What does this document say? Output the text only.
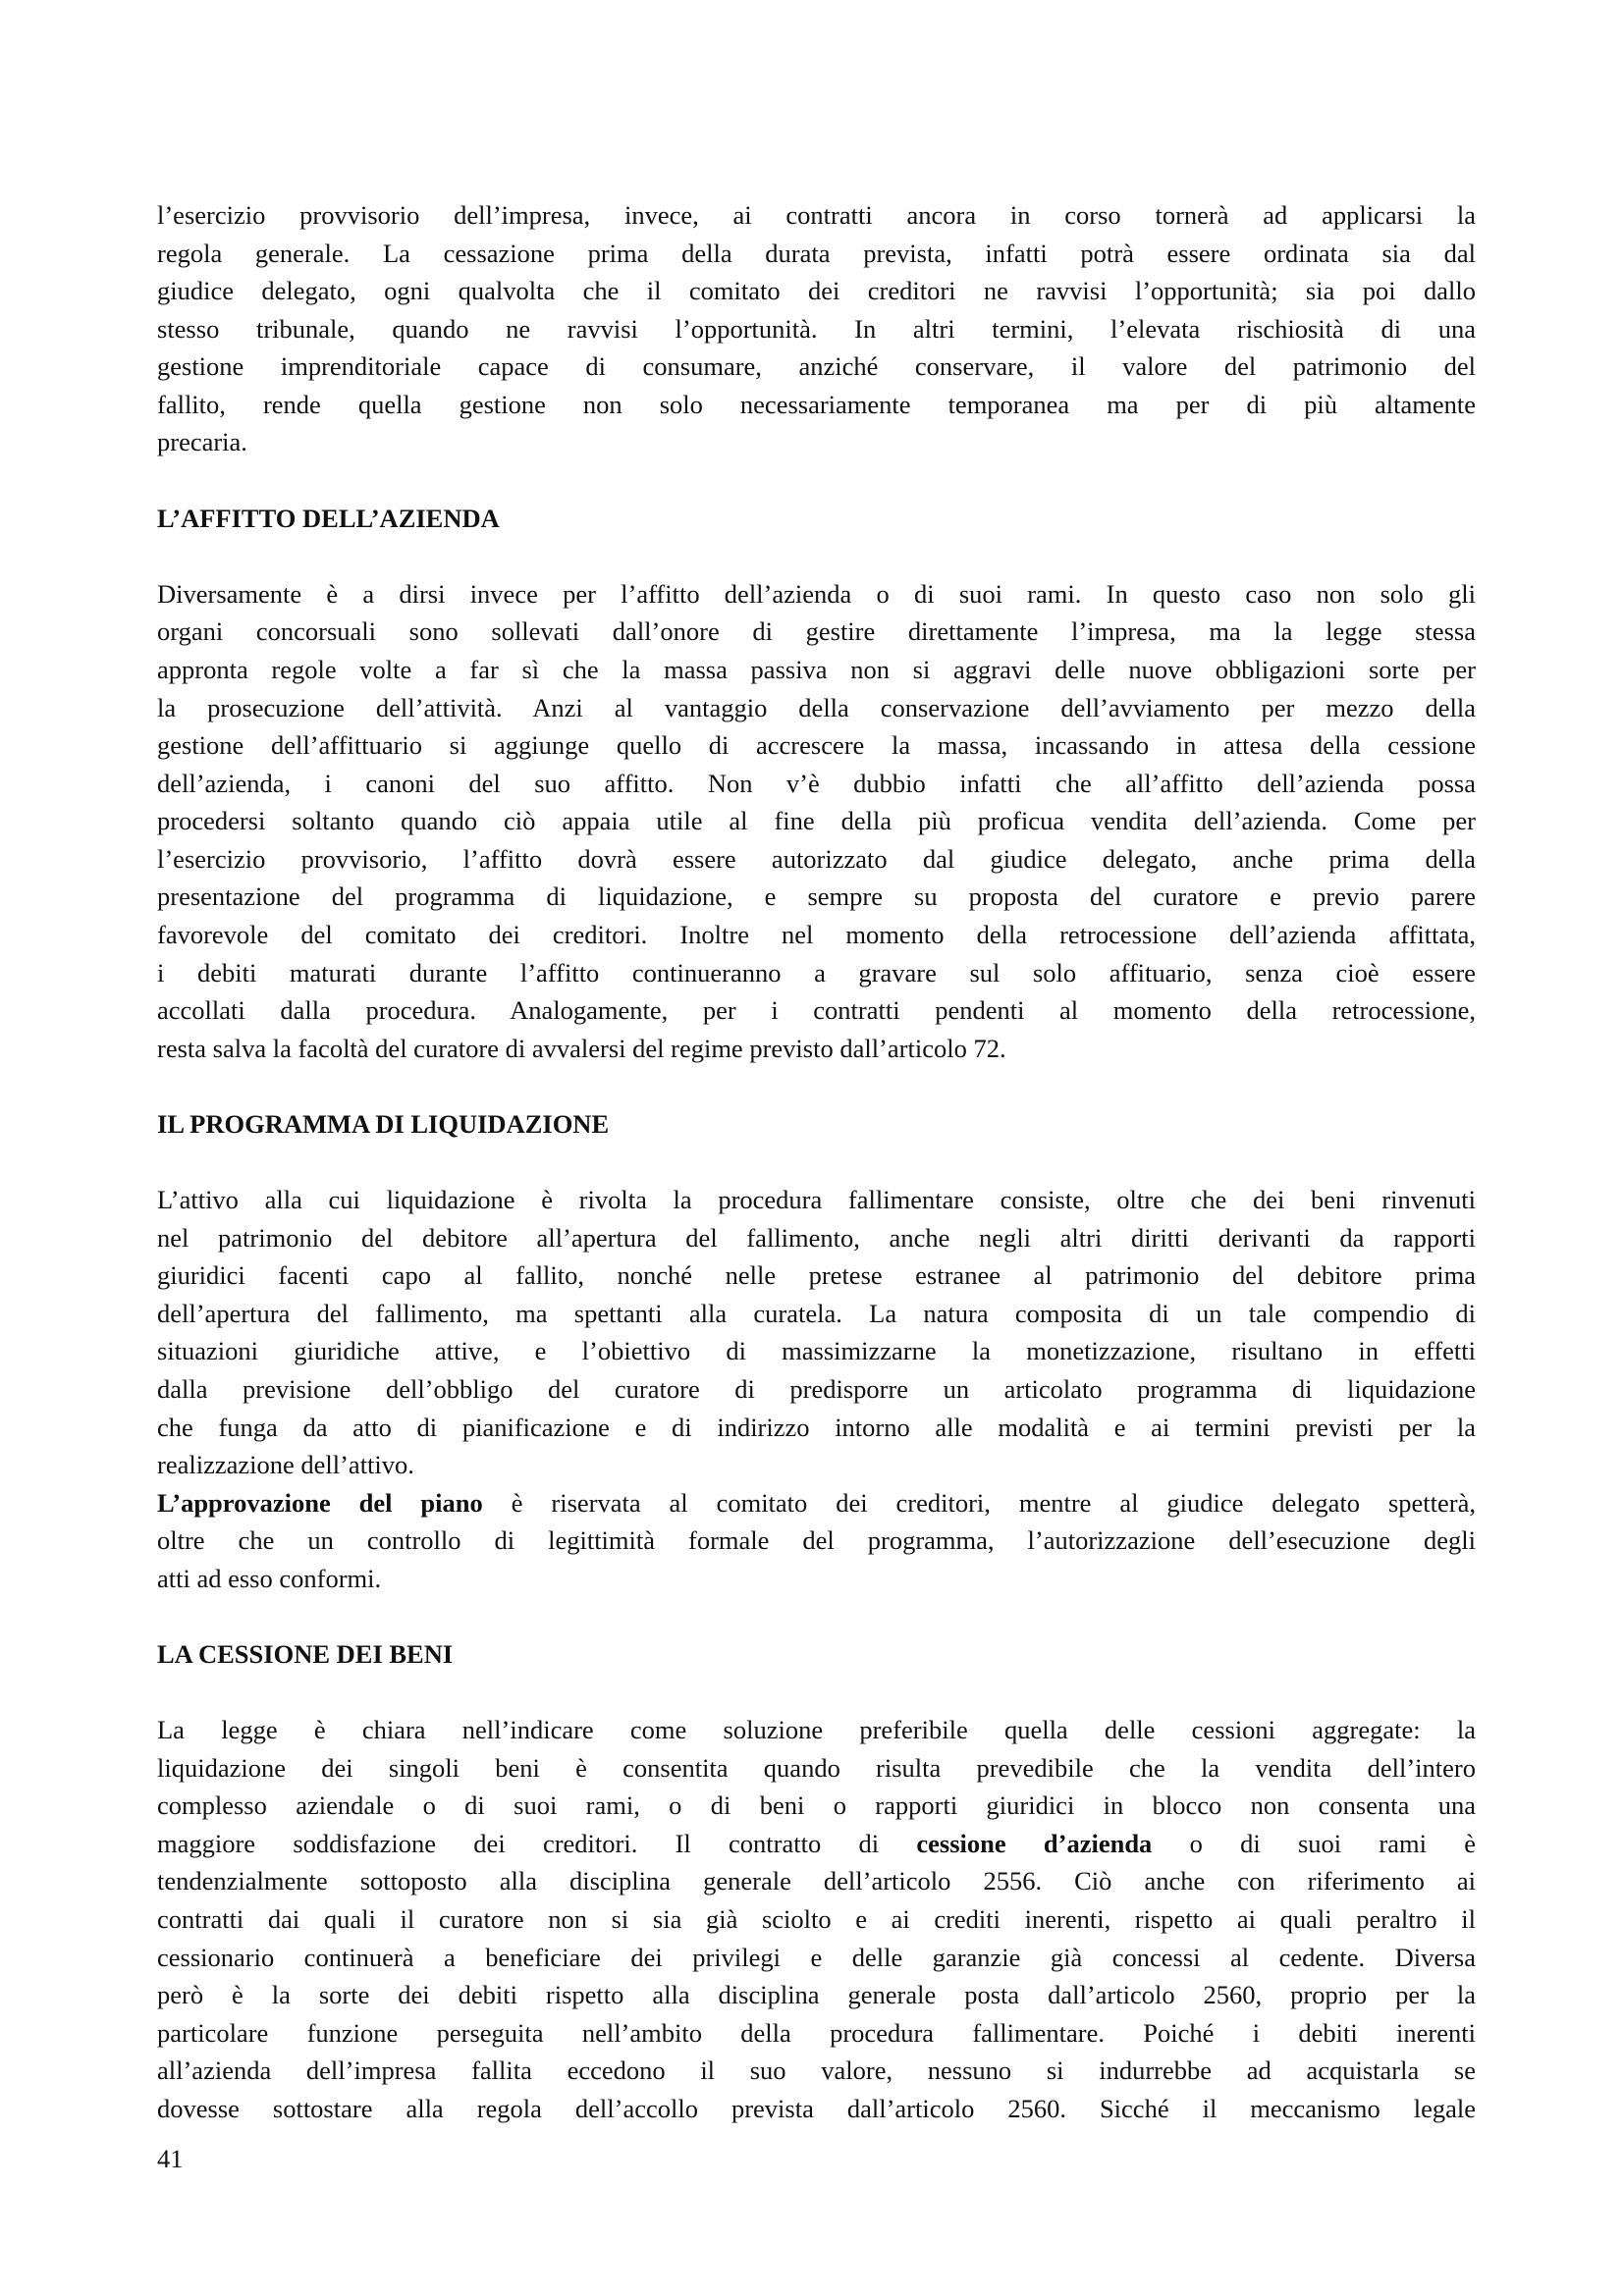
l’esercizio provvisorio dell’impresa, invece, ai contratti ancora in corso tornerà ad applicarsi la
regola generale. La cessazione prima della durata prevista, infatti potrà essere ordinata sia dal
giudice delegato, ogni qualvolta che il comitato dei creditori ne ravvisi l’opportunità; sia poi dallo
stesso tribunale, quando ne ravvisi l’opportunità. In altri termini, l’elevata rischiosità di una
gestione imprenditoriale capace di consumare, anziché conservare, il valore del patrimonio del
fallito, rende quella gestione non solo necessariamente temporanea ma per di più altamente
precaria.

L’AFFITTO DELL’AZIENDA

Diversamente è a dirsi invece per l’affitto dell’azienda o di suoi rami. In questo caso non solo gli
organi concorsuali sono sollevati dall’onore di gestire direttamente l’impresa, ma la legge stessa
appronta regole volte a far sì che la massa passiva non si aggravi delle nuove obbligazioni sorte per
la prosecuzione dell’attività. Anzi al vantaggio della conservazione dell’avviamento per mezzo della
gestione dell’affittuario si aggiunge quello di accrescere la massa, incassando in attesa della cessione
dell’azienda, i canoni del suo affitto. Non v’è dubbio infatti che all’affitto dell’azienda possa
procedersi soltanto quando ciò appaia utile al fine della più proficua vendita dell’azienda. Come per
l’esercizio provvisorio, l’affitto dovrà essere autorizzato dal giudice delegato, anche prima della
presentazione del programma di liquidazione, e sempre su proposta del curatore e previo parere
favorevole del comitato dei creditori. Inoltre nel momento della retrocessione dell’azienda affittata,
i debiti maturati durante l’affitto continueranno a gravare sul solo affituario, senza cioè essere
accollati dalla procedura. Analogamente, per i contratti pendenti al momento della retrocessione,
resta salva la facoltà del curatore di avvalersi del regime previsto dall’articolo 72.

IL PROGRAMMA DI LIQUIDAZIONE

L’attivo alla cui liquidazione è rivolta la procedura fallimentare consiste, oltre che dei beni rinvenuti
nel patrimonio del debitore all’apertura del fallimento, anche negli altri diritti derivanti da rapporti
giuridici facenti capo al fallito, nonché nelle pretese estranee al patrimonio del debitore prima
dell’apertura del fallimento, ma spettanti alla curatela. La natura composita di un tale compendio di
situazioni giuridiche attive, e l’obiettivo di massimizzarne la monetizzazione, risultano in effetti
dalla previsione dell’obbligo del curatore di predisporre un articolato programma di liquidazione
che funga da atto di pianificazione e di indirizzo intorno alle modalità e ai termini previsti per la
realizzazione dell’attivo.
L’approvazione del piano è riservata al comitato dei creditori, mentre al giudice delegato spetterà,
oltre che un controllo di legittimità formale del programma, l’autorizzazione dell’esecuzione degli
atti ad esso conformi.

LA CESSIONE DEI BENI

La legge è chiara nell’indicare come soluzione preferibile quella delle cessioni aggregate: la
liquidazione dei singoli beni è consentita quando risulta prevedibile che la vendita dell’intero
complesso aziendale o di suoi rami, o di beni o rapporti giuridici in blocco non consenta una
maggiore soddisfazione dei creditori. Il contratto di cessione d’azienda o di suoi rami è
tendenzialmente sottoposto alla disciplina generale dell’articolo 2556. Ciò anche con riferimento ai
contratti dai quali il curatore non si sia già sciolto e ai crediti inerenti, rispetto ai quali peraltro il
cessionario continuerà a beneficiare dei privilegi e delle garanzie già concessi al cedente. Diversa
però è la sorte dei debiti rispetto alla disciplina generale posta dall’articolo 2560, proprio per la
particolare funzione perseguita nell’ambito della procedura fallimentare. Poiché i debiti inerenti
all’azienda dell’impresa fallita eccedono il suo valore, nessuno si indurrebbe ad acquistarla se
dovesse sottostare alla regola dell’accollo prevista dall’articolo 2560. Sicché il meccanismo legale
41
